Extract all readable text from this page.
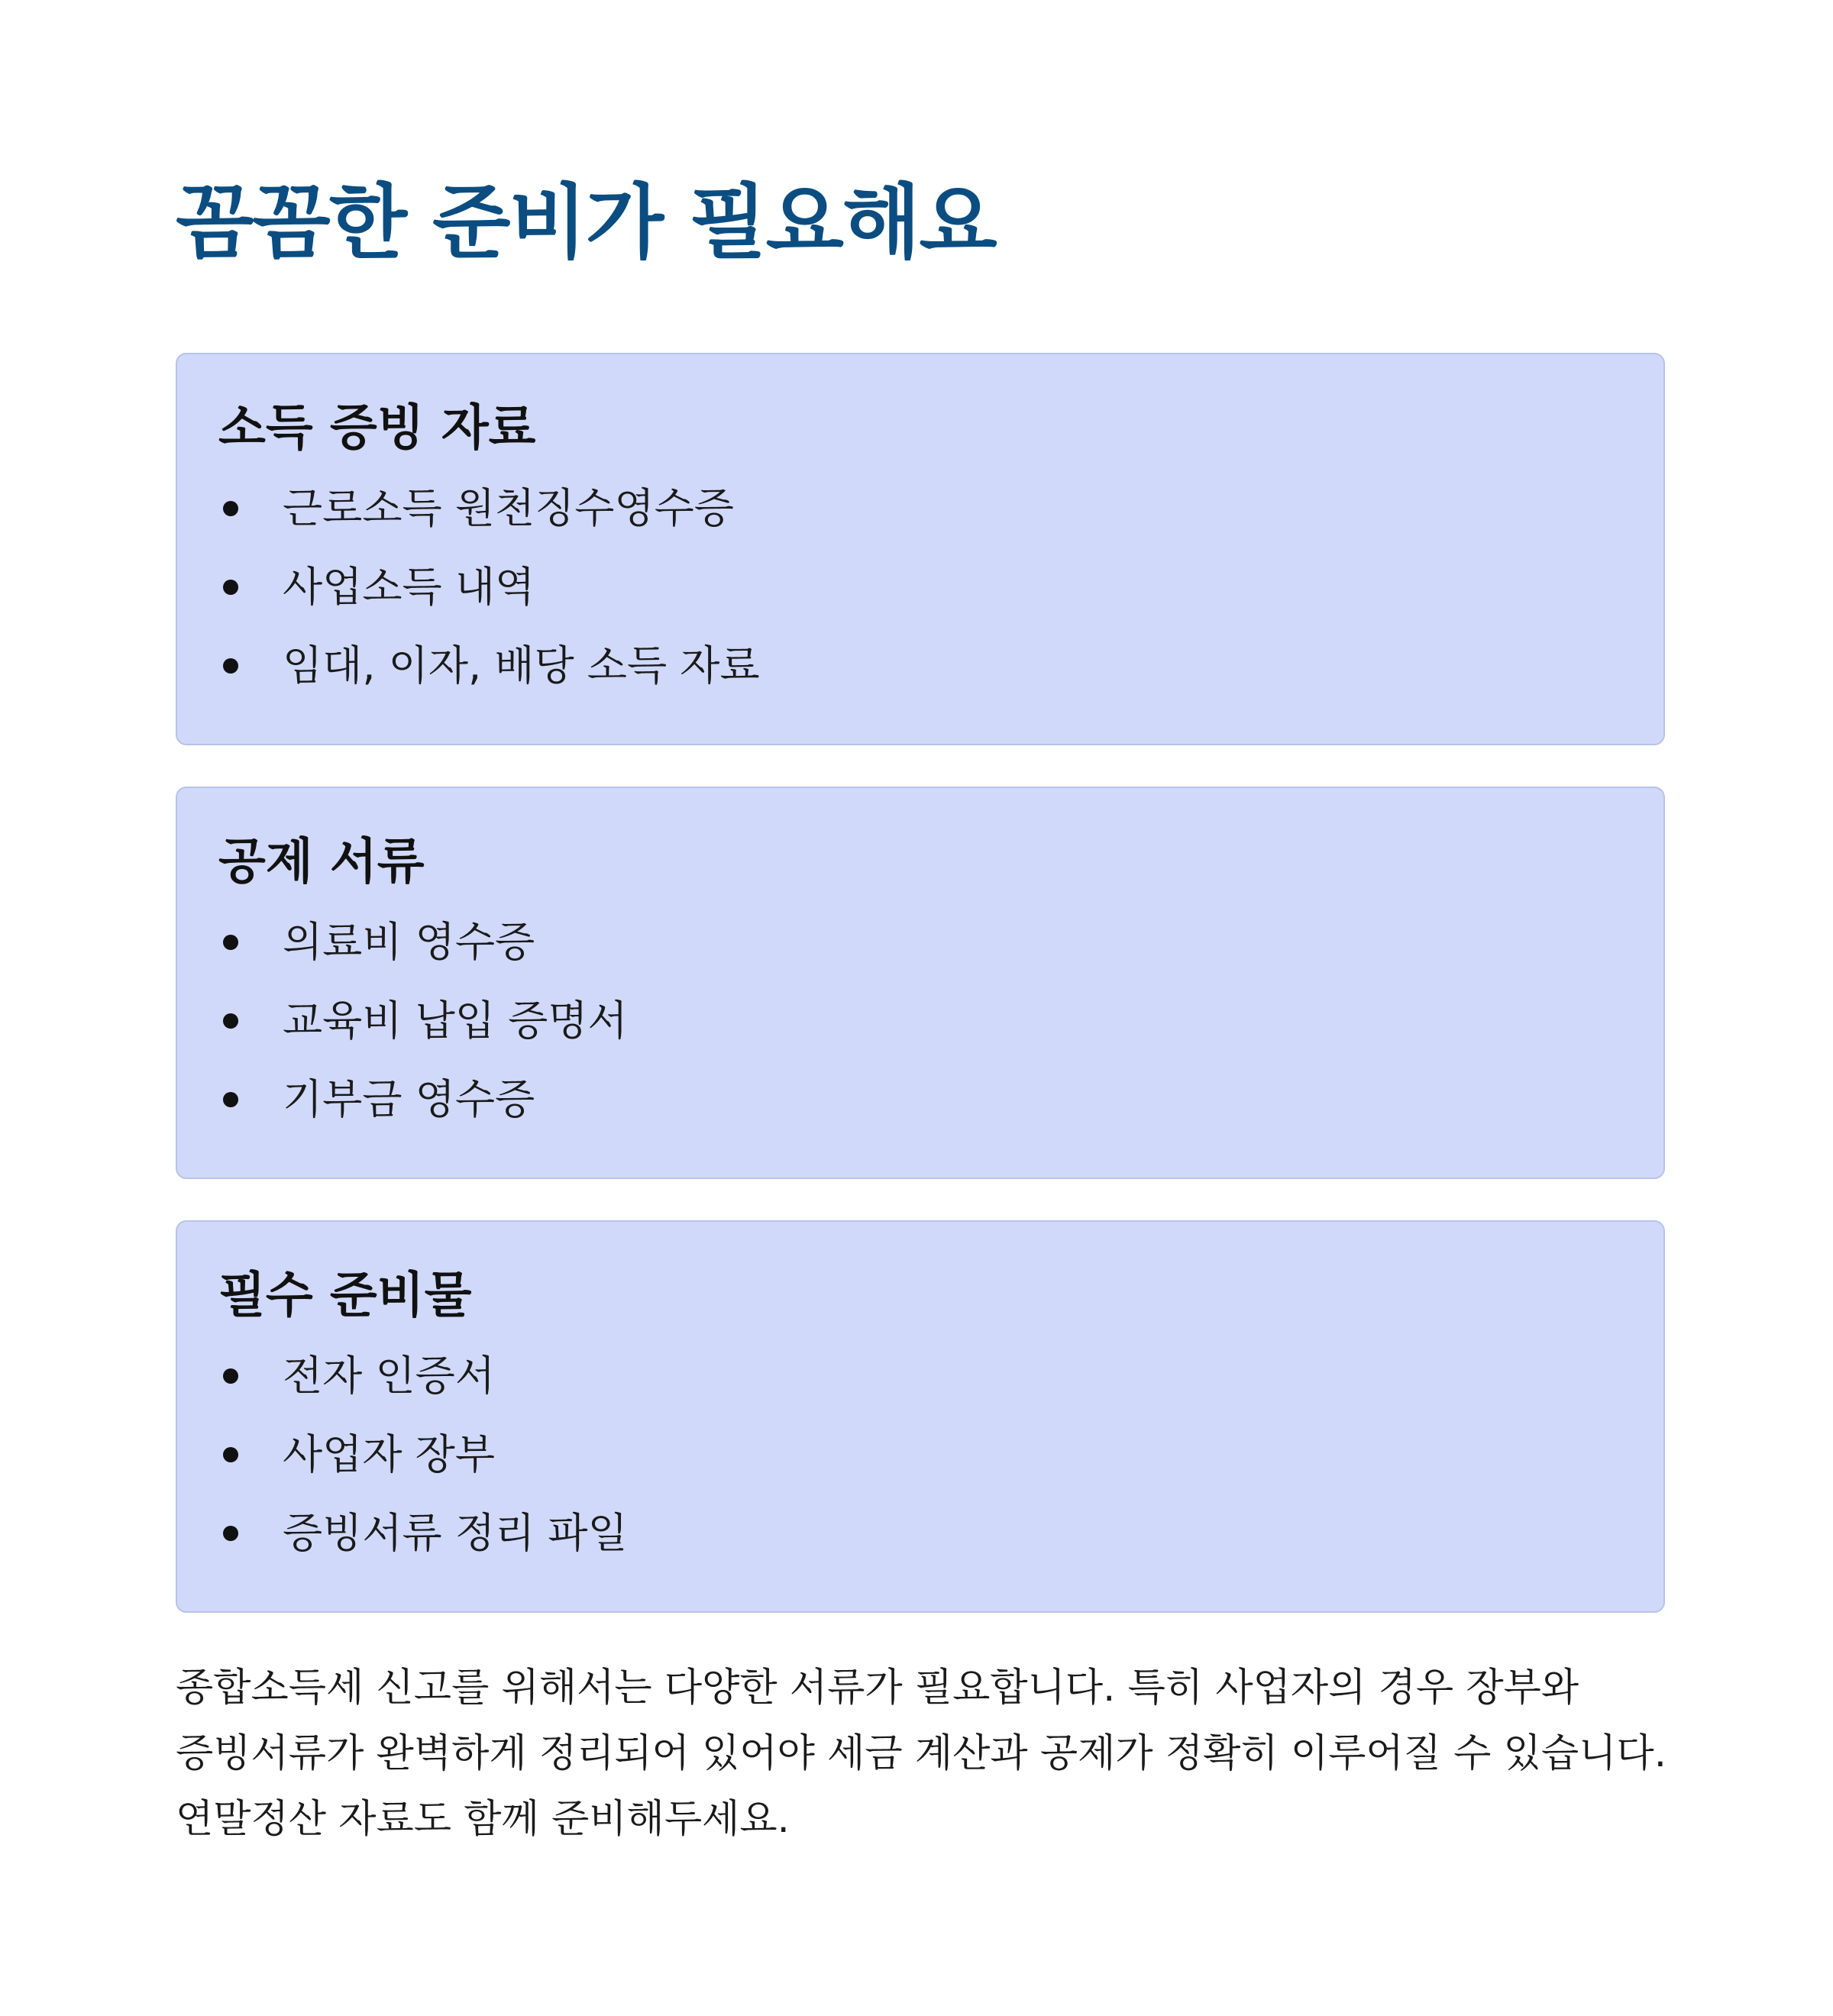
꼼꼼한 준비가 필요해요
소득 증빙 자료
근로소득 원천징수영수증
사업소득 내역
임대, 이자, 배당 소득 자료
공제 서류
의료비 영수증
교육비 납입 증명서
기부금 영수증
필수 준비물
전자 인증서
사업자 장부
증빙서류 정리 파일

종합소득세 신고를 위해서는 다양한 서류가 필요합니다. 특히 사업자의 경우 장부와 증빙서류가 완벽하게 정리되어 있어야 세금 계산과 공제가 정확히 이루어질 수 있습니다. 연말정산 자료도 함께 준비해두세요.
